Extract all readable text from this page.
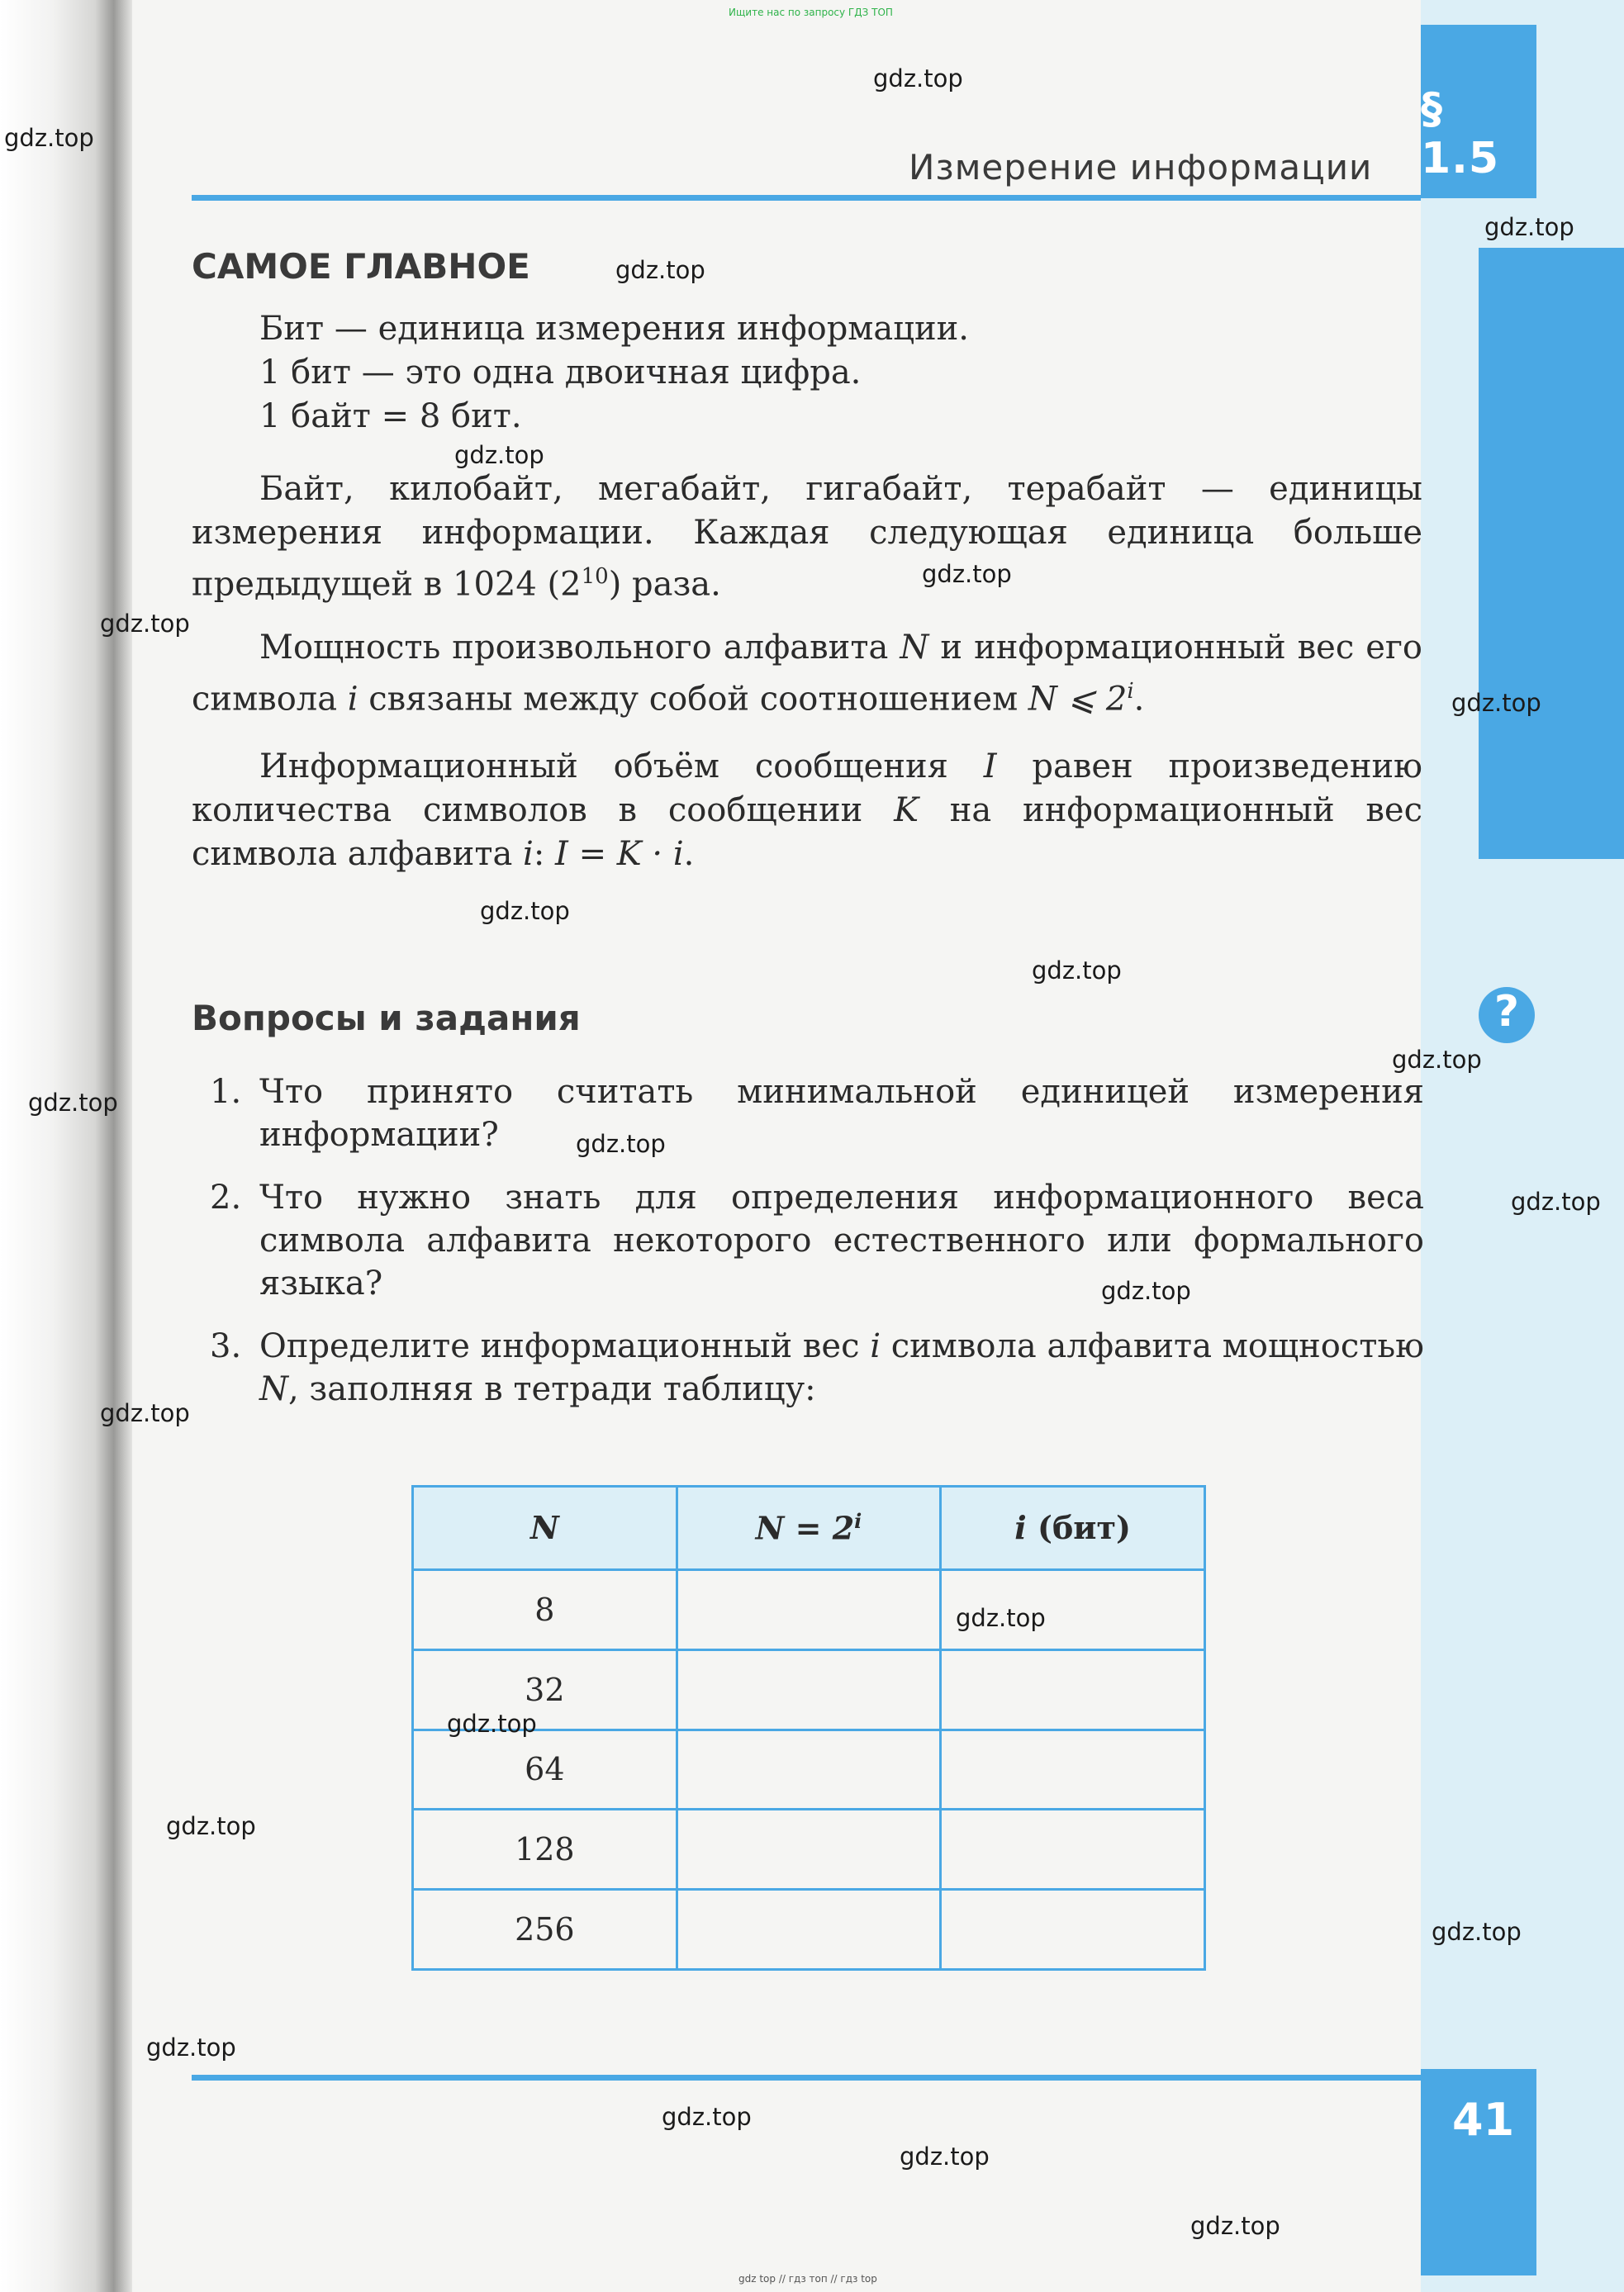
Ищите нас по запросу ГДЗ ТОП
§ 1.5
Измерение информации
САМОЕ ГЛАВНОЕ
Бит — единица измерения информации.
1 бит — это одна двоичная цифра.
1 байт = 8 бит.
Байт, килобайт, мегабайт, гигабайт, терабайт — единицы измерения информации. Каждая следующая единица больше предыдущей в 1024 $(2^{10})$ раза.
Мощность произвольного алфавита N и информационный вес его символа i связаны между собой соотношением N ⩽ 2$^i$.
Информационный объём сообщения I равен произведению количества символов в сообщении K на информационный вес символа алфавита i: I = K · i.
Вопросы и задания	?
1. Что принято считать минимальной единицей измерения информации?
2. Что нужно знать для определения информационного веса символа алфавита некоторого естественного или формального языка?
3. Определите информационный вес i символа алфавита мощностью N, заполняя в тетради таблицу:
N	$N = 2^i$	i (бит)
8		
32		
64		
128		
256		
41
gdz.top
gdz.top
gdz.top
gdz.top
gdz.top
gdz.top
gdz.top
gdz.top
gdz.top
gdz.top
gdz.top
gdz.top
gdz.top
gdz.top
gdz.top
gdz.top
gdz.top
gdz.top
gdz.top
gdz.top
gdz.top
gdz.top
gdz.top
gdz.top
gdz top // гдз топ // гдз top
